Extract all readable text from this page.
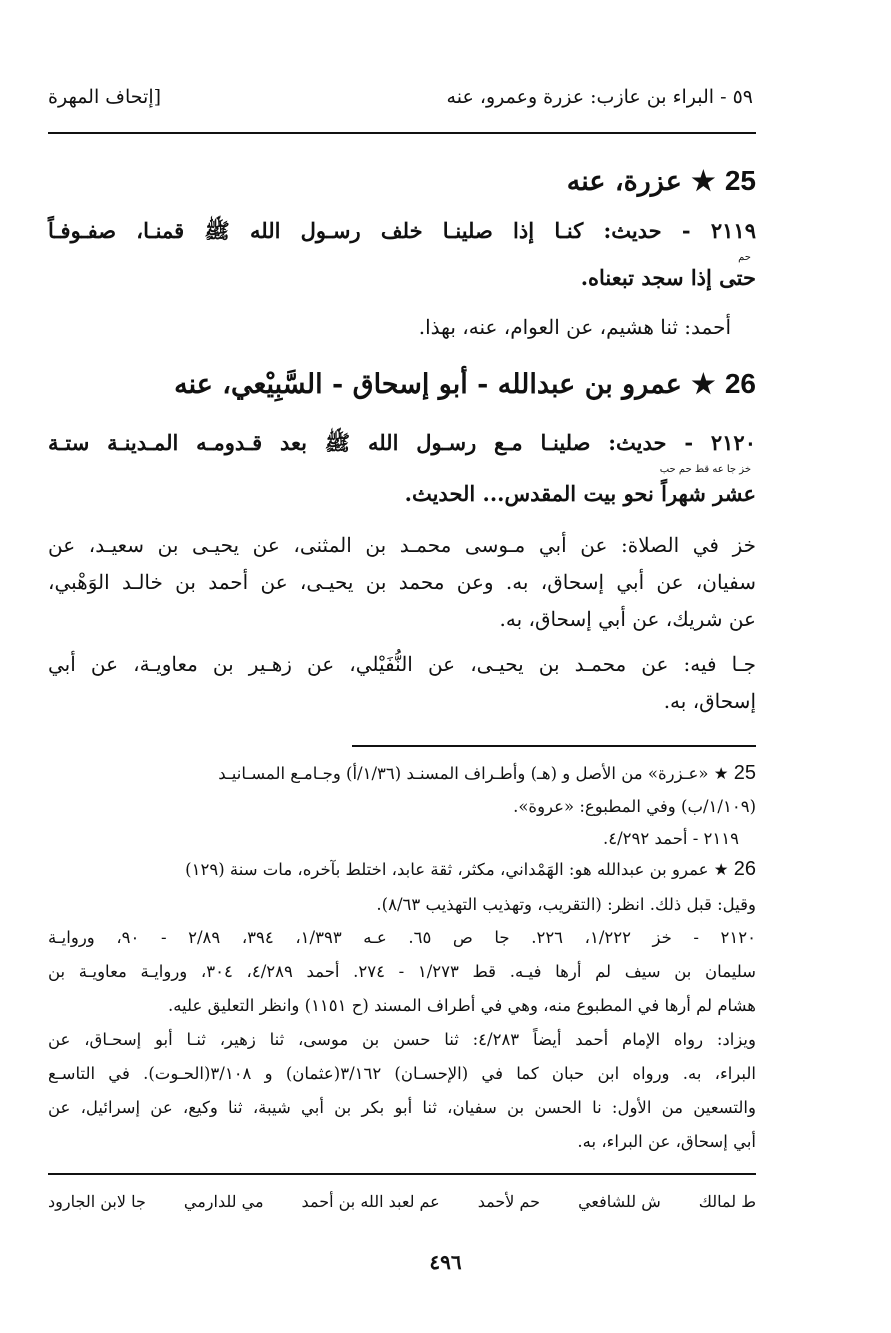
٥٩ - البراء بن عازب: عزرة وعمرو، عنه
[إتحاف المهرة
25 ★ عزرة، عنه
٢١١٩ - حديث: كنـا إذا صلينـا خلف رسـول الله ﷺ قمنـا، صفـوفـاً
حم
حتى إذا سجد تبعناه.
أحمد: ثنا هشيم، عن العوام، عنه، بهذا.
26 ★ عمرو بن عبدالله - أبو إسحاق - السَّبِيْعي، عنه
٢١٢٠ - حديث: صلينـا مـع رسـول الله ﷺ بعد قـدومـه المـدينـة ستـة
خز جا عه قط حم حب
عشر شهراً نحو بيت المقدس... الحديث.
خز في الصلاة: عن أبي مـوسى محمـد بن المثنى، عن يحيـى بن سعيـد، عن
سفيان، عن أبي إسحاق، به. وعن محمد بن يحيـى، عن أحمد بن خالـد الوَهْبي،
عن شريك، عن أبي إسحاق، به.
جـا فيه: عن محمـد بن يحيـى، عن النُّفَيْلي، عن زهـير بن معاويـة، عن أبي
إسحاق، به.
25 ★ «عـزرة» من الأصل و (هـ) وأطـراف المسنـد (١/٣٦/أ) وجـامـع المسـانيـد
(١/١٠٩/ب) وفي المطبوع: «عروة».
٢١١٩ - أحمد ٤/٢٩٢.
26 ★ عمرو بن عبدالله هو: الهَمْداني، مكثر، ثقة عابد، اختلط بآخره، مات سنة (١٢٩)
وقيل: قبل ذلك. انظر: (التقريب، وتهذيب التهذيب ٨/٦٣).
٢١٢٠ - خز ١/٢٢٢، ٢٢٦. جا ص ٦٥. عـه ١/٣٩٣، ٣٩٤، ٢/٨٩ - ٩٠، وروايـة
سليمان بن سيف لم أرها فيـه. قط ١/٢٧٣ - ٢٧٤. أحمد ٤/٢٨٩، ٣٠٤، وروايـة معاويـة بن
هشام لم أرها في المطبوع منه، وهي في أطراف المسند (ح ١١٥١) وانظر التعليق عليه.
ويزاد: رواه الإمام أحمد أيضاً ٤/٢٨٣: ثنا حسن بن موسى، ثنا زهير، ثنـا أبو إسحـاق، عن
البراء، به. ورواه ابن حبان كما في (الإحسـان) ٣/١٦٢(عثمان) و ٣/١٠٨(الحـوت). في التاسـع
والتسعين من الأول: نا الحسن بن سفيان، ثنا أبو بكر بن أبي شيبة، ثنا وكيع، عن إسرائيل، عن
أبي إسحاق، عن البراء، به.
ط لمالك
ش للشافعي
حم لأحمد
عم لعبد الله بن أحمد
مي للدارمي
جا لابن الجارود
٤٩٦
